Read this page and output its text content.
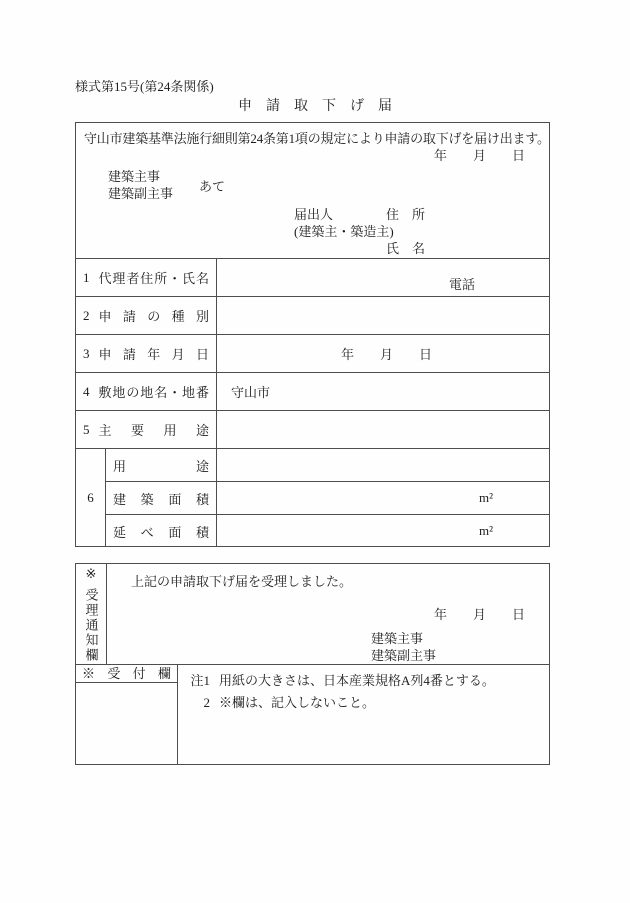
様式第15号(第24条関係)
申　請　取　下　げ　届
守山市建築基準法施行細則第24条第1項の規定により申請の取下げを届け出ます。
年　　月　　日
建築主事
建築副主事 あて
届出人	住　所
(建築主・築造主)
氏　名
1 代理者住所・氏名	電話
2 申請の種別
3 申請年月日	年　　月　　日
4 敷地の地名・地番 守山市
5 主要用途
6
用途
建築面積	m²
延べ面積	m²
※
受理通知欄
上記の申請取下げ届を受理しました。
年　　月　　日
建築主事
建築副主事
※受付欄	注1 用紙の大きさは、日本産業規格A列4番とする。
2 ※欄は、記入しないこと。
